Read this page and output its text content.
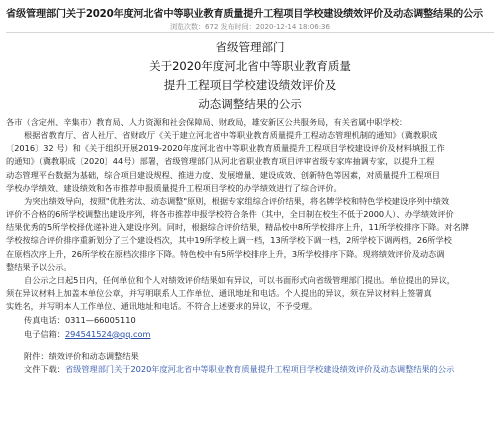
省级管理部门关于2020年度河北省中等职业教育质量提升工程项目学校建设绩效评价及动态调整结果的公示
浏览次数：672 发布时间：2020-12-14 18:06:36
省级管理部门
关于2020年度河北省中等职业教育质量
提升工程项目学校建设绩效评价及
动态调整结果的公示

各市（含定州、辛集市）教育局、人力资源和社会保障局、财政局，雄安新区公共服务局，有关省属中职学校：

根据省教育厅、省人社厅、省财政厅《关于建立河北省中等职业教育质量提升工程动态管理机制的通知》（冀教职成

〔2016〕32 号）和《关于组织开展2019-2020年度河北省中等职业教育质量提升工程项目学校建设评价及材料填报工作

的通知》（冀教职成〔2020〕44号）部署，省级管理部门从河北省职业教育项目评审省级专家库抽调专家，以提升工程

动态管理平台数据为基础，综合项目建设规程、推进力度、发展增量、建设成效、创新特色等因素，对质量提升工程项目

学校办学绩效、建设绩效和各市推荐申报质量提升工程项目学校的办学绩效进行了综合评价。

为突出绩效导向，按照"优胜劣汰、动态调整"原则，根据专家组综合评价结果，将名牌学校和特色学校建设序列中绩效

评价不合格的6所学校调整出建设序列，将各市推荐申报学校符合条件（其中，全日制在校生不低于2000人）、办学绩效评价

结果优秀的5所学校择优递补进入建设序列。同时，根据综合评价结果，精品校中8所学校排序上升，11所学校排序下降。对名牌

学校按综合评价排序重新划分了三个建设档次，其中19所学校上调一档，13所学校下调一档，2所学校下调两档，26所学校

在原档次序上升，26所学校在原档次排序下降。特色校中有5所学校排序上升，3所学校排序下降。现将绩效评价及动态调

整结果予以公示。

自公示之日起5日内，任何单位和个人对绩效评价结果如有异议，可以书面形式向省级管理部门提出。单位提出的异议，

须在异议材料上加盖本单位公章，并写明联系人工作单位、通讯地址和电话。个人提出的异议，须在异议材料上签署真

实姓名，并写明本人工作单位、通讯地址和电话。不符合上述要求的异议，不予受理。

传真电话：0311—66005110

电子信箱：294541524@qq.com

附件：绩效评价和动态调整结果

文件下载：省级管理部门关于2020年度河北省中等职业教育质量提升工程项目学校建设绩效评价及动态调整结果的公示
